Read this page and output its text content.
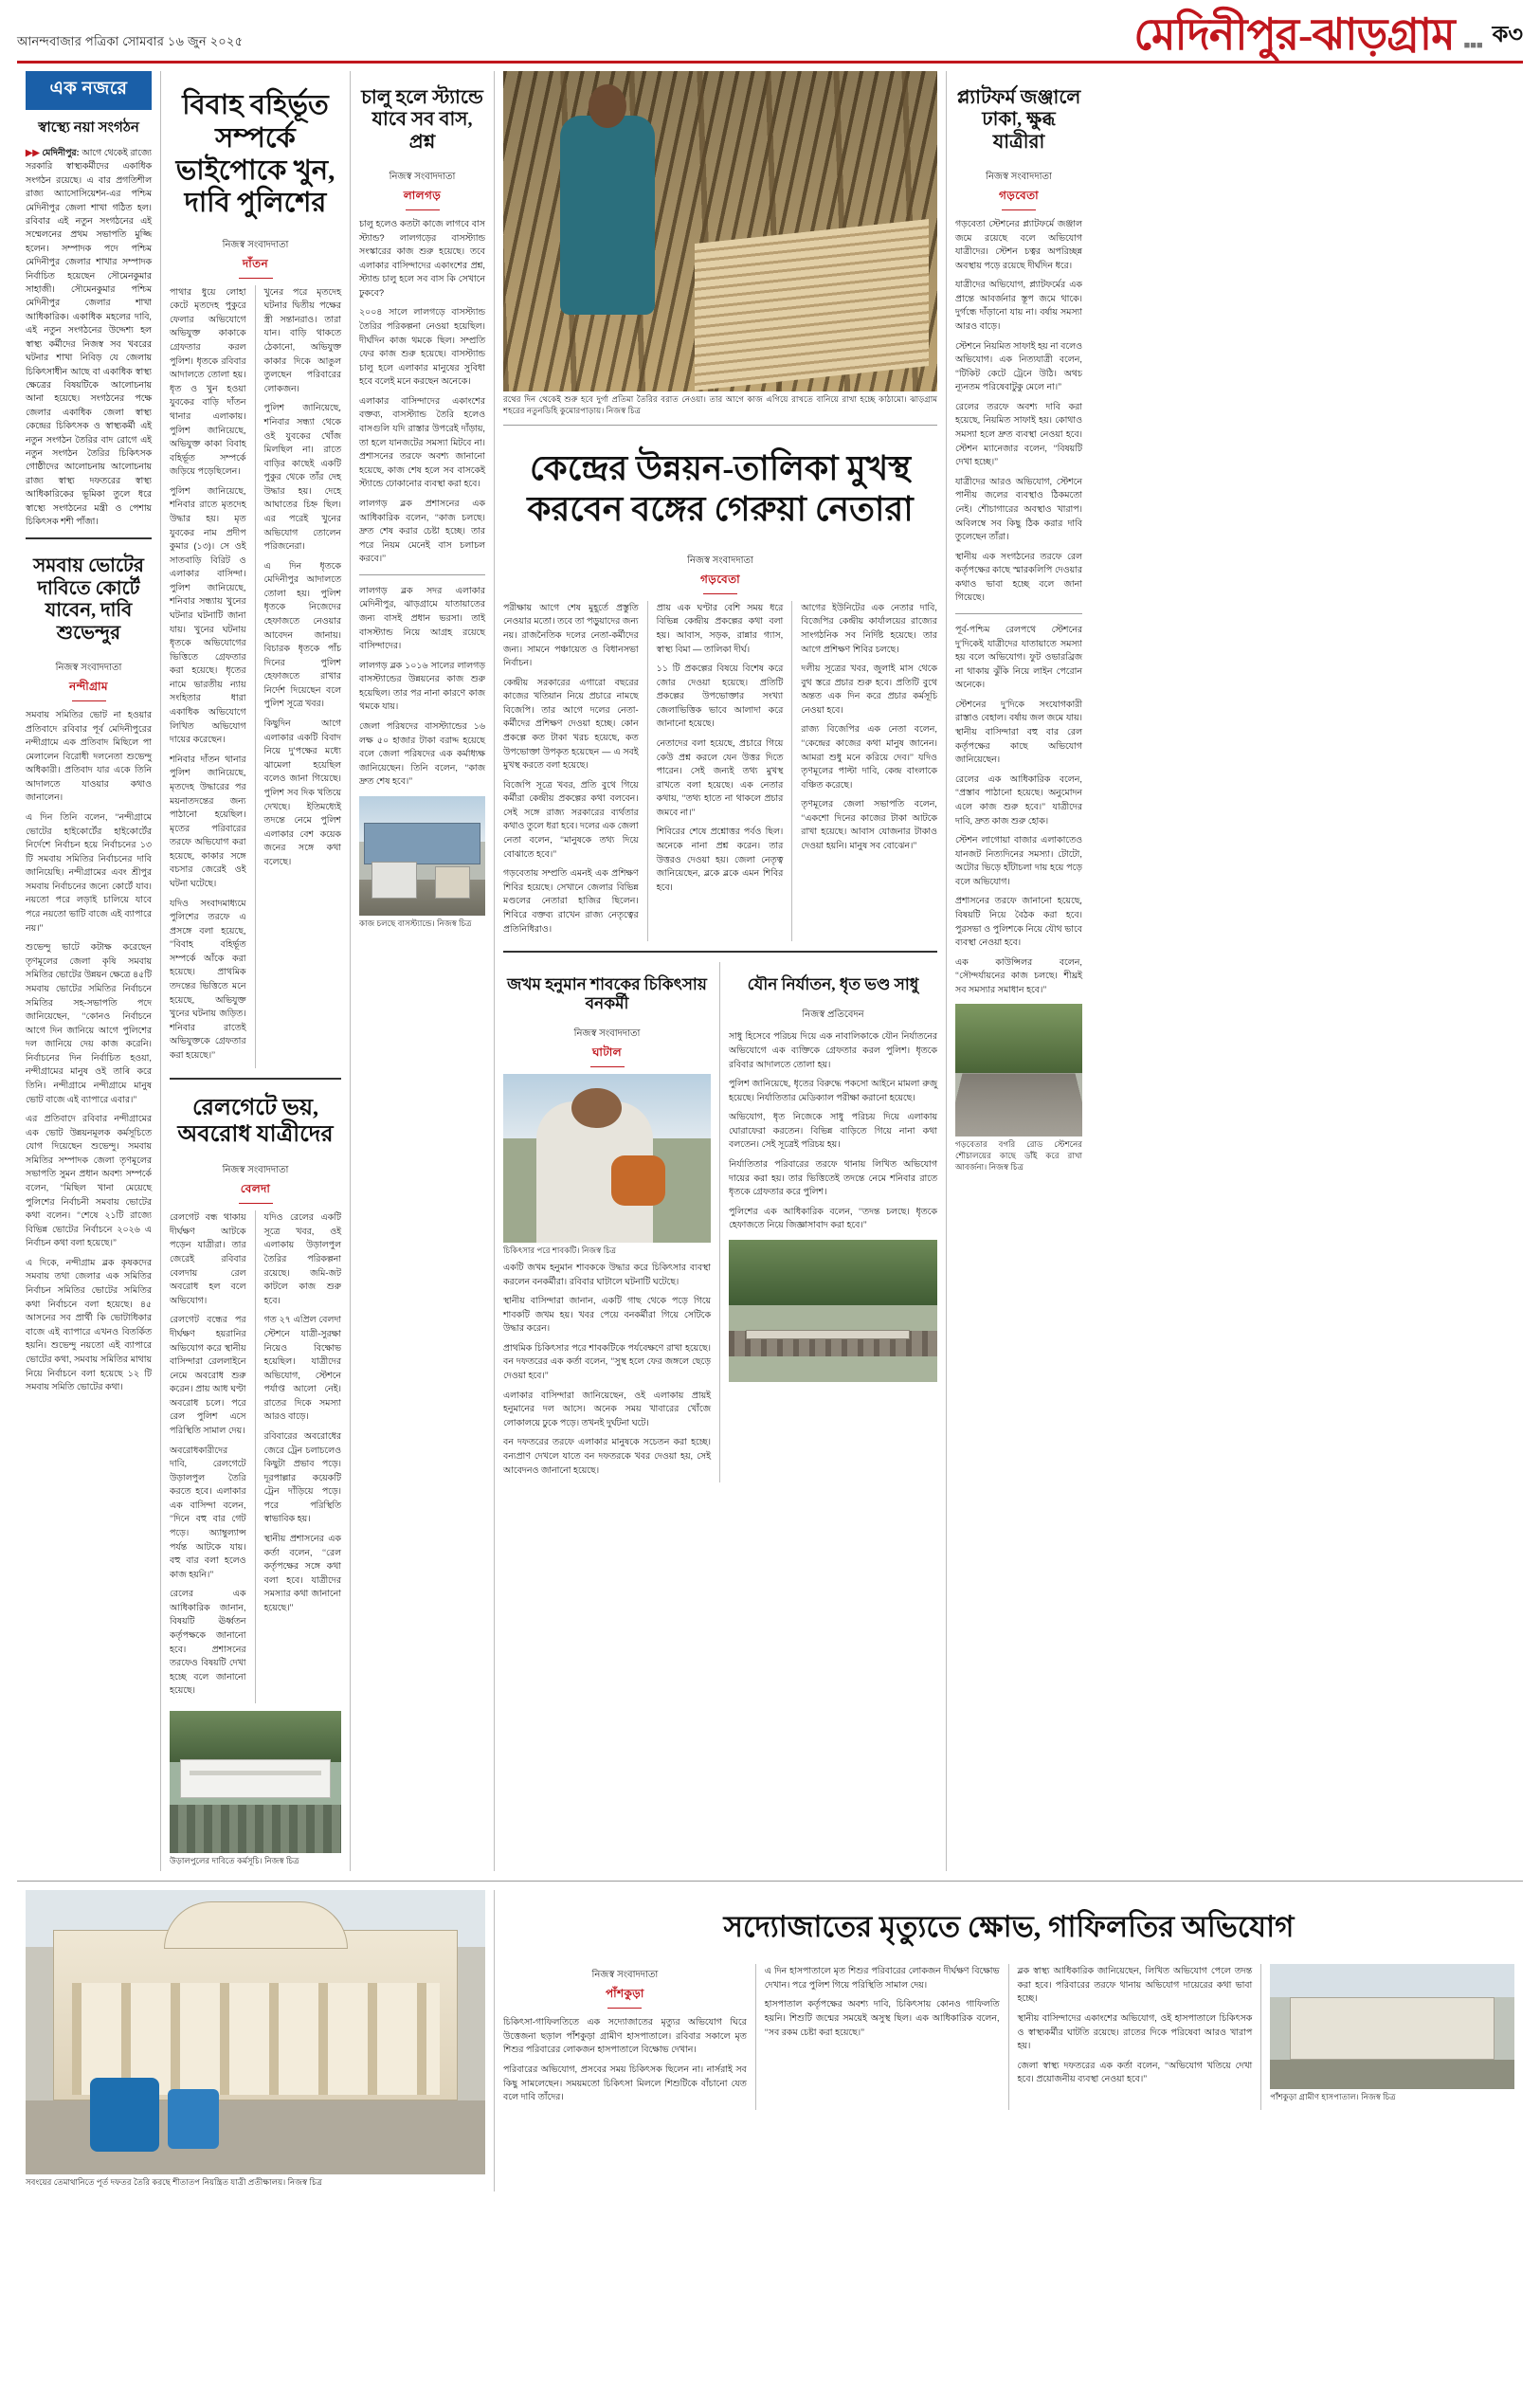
আনন্দবাজার পত্রিকা সোমবার ১৬ জুন ২০২৫	মেদিনীপুর-ঝাড়গ্রাম ■■■ ক৩
এক নজরে
স্বাস্থ্যে নয়া সংগঠন
▶▶ মেদিনীপুর: আগে থেকেই রাজ্যে সরকারি স্বাস্থ্যকর্মীদের একাধিক সংগঠন রয়েছে। এ বার প্রগতিশীল রাজ্য অ্যাসোসিয়েশন-এর পশ্চিম মেদিনীপুর জেলা শাখা গঠিত হল। রবিবার এই নতুন সংগঠনের এই সম্মেলনের প্রথম সভাপতি মুজ্জি হলেন। সম্পাদক পদে পশ্চিম মেদিনীপুর জেলার শাখার সম্পাদক নির্বাচিত হয়েছেন সৌমেনকুমার সাহাজী। সৌমেনকুমার পশ্চিম মেদিনীপুর জেলার শাখা আধিকারিক। একাধিক মহলের দাবি, এই নতুন সংগঠনের উদ্দেশ্য হল স্বাস্থ্য কর্মীদের নিজস্ব সব খবরের ঘটনার শাখা নিবিড় যে জেলায় চিকিৎসাধীন আছে বা একাধিক স্বাস্থ্য ক্ষেত্রের বিষয়টিকে আলোচনায় আনা হয়েছে। সংগঠনের পক্ষে জেলার একাধিক জেলা স্বাস্থ্য কেন্দ্রের চিকিৎসক ও স্বাস্থ্যকর্মী এই নতুন সংগঠন তৈরির বাদ রোগে এই নতুন সংগঠন তৈরির চিকিৎসক গোষ্ঠীদের আলোচনায় আলোচনায় রাজ্য স্বাস্থ্য দফতরের স্বাস্থ্য আধিকারিকের ভূমিকা তুলে ধরে স্বাস্থ্যে সংগঠনের মন্ত্রী ও পেশায় চিকিৎসক শশী পাঁজা।
সমবায় ভোটের দাবিতে কোর্টে যাবেন, দাবি শুভেন্দুর
নিজস্ব সংবাদদাতা
নন্দীগ্রাম

সমবায় সমিতির ভোট না হওয়ার প্রতিবাদে রবিবার পূর্ব মেদিনীপুরের নন্দীগ্রামে এক প্রতিবাদ মিছিলে পা মেলালেন বিরোধী দলনেতা শুভেন্দু অধিকারী। প্রতিবাদ যার একে তিনি আদালতে যাওয়ার কথাও জানালেন।

এ দিন তিনি বলেন, ‘‘নন্দীগ্রামে ভোটের হাইকোর্টের হাইকোর্টের নির্দেশে নির্বাচন হয়ে নির্বাচনের ১৩ টি সমবায় সমিতির নির্বাচনের দাবি জানিয়েছি। নন্দীগ্রামের এবং শ্রীপুর সমবায় নির্বাচনের জন্যে কোর্টে যাব। নয়তো পরে লড়াই চালিয়ে যাবে পরে নয়তো ভাটি বাজে এই ব্যাপারে নয়।’’

শুভেন্দু ভাটে কটাক্ষ করেছেন তৃণমূলের জেলা কৃষি সমবায় সমিতির ভোটের উন্নয়ন ক্ষেত্রে ৪৫টি সমবায় ভোটের সমিতির নির্বাচনে সমিতির সহ-সভাপতি পদে জানিয়েছেন, ‘‘কোনও নির্বাচনে আগে দিন জানিয়ে আগে পুলিশের দল জানিয়ে দেয় কাজ করেনি। নির্বাচনের দিন নির্বাচিত হওয়া, নন্দীগ্রামের মানুষ ওই তাৰি করে তিনি। নন্দীগ্রামে নন্দীগ্রামে মানুষ ভোট বাজে এই ব্যাপারে এবার।’’

এর প্রতিবাদে রবিবার নন্দীগ্রামের এক ভোট উন্নয়নমূলক কর্মসূচিতে যোগ দিয়েছেন শুভেন্দু। সমবায় সমিতির সম্পাদক জেলা তৃণমূলের সভাপতি সুমন প্রধান অবশ্য সম্পর্কে বলেন, ‘‘মিছিল খানা মেয়েছে পুলিশের নির্বাচনী সমবায় ভোটের কথা বলেন। ‘‘শেষে ২১টি রাজ্যে বিভিন্ন ভোটের নির্বাচনে ২০২৬ এ নির্বাচন কথা বলা হয়েছে।’’

এ দিকে, নন্দীগ্রাম ব্লক কৃষকদের সমবায় তথা জেলার এক সমিতির নির্বাচন সমিতির ভোটের সমিতির কথা নির্বাচনে বলা হয়েছে। ৪৫ আসনের সব প্রার্থী কি ভোটাধিকার বাজে এই ব্যাপারে এখনও বিতর্কিত হয়নি। শুভেন্দু নয়তো এই ব্যাপারে ভোটের কথা, সমবায় সমিতির মাথায় নিয়ে নির্বাচনে বলা হয়েছে ১২ টি সমবায় সমিতি ভোটের কথা।

বিবাহ বহির্ভূত সম্পর্কে ভাইপোকে খুন, দাবি পুলিশের
নিজস্ব সংবাদদাতা
দাঁতন

পাথার ধুয়ে লোহা কেটে মৃতদেহ পুকুরে ফেলার অভিযোগে অভিযুক্ত কাকাকে গ্রেফতার করল পুলিশ। ধৃতকে রবিবার আদালতে তোলা হয়। ধৃত ও খুন হওয়া যুবকের বাড়ি দাঁতন থানার এলাকায়। পুলিশ জানিয়েছে, অভিযুক্ত কাকা বিবাহ বহির্ভূত সম্পর্কে জড়িয়ে পড়েছিলেন।

পুলিশ জানিয়েছে, শনিবার রাতে মৃতদেহ উদ্ধার হয়। মৃত যুবকের নাম প্রদীপ কুমার (১৩)। সে ওই সাতবাড়ি বিরিট ও এলাকার বাসিন্দা। পুলিশ জানিয়েছে, শনিবার সন্ধ্যায় খুনের ঘটনার ঘটনাটি জানা যায়। খুনের ঘটনায় ধৃতকে অভিযোগের ভিত্তিতে গ্রেফতার করা হয়েছে। ধৃতের নামে ভারতীয় ন্যায় সংহিতার ধারা একাধিক অভিযোগে লিখিত অভিযোগ দায়ের করেছেন।

শনিবার দাঁতন থানার পুলিশ জানিয়েছে, মৃতদেহ উদ্ধারের পর ময়নাতদন্তের জন্য পাঠানো হয়েছিল। মৃতের পরিবারের তরফে অভিযোগ করা হয়েছে, কাকার সঙ্গে বচসার জেরেই ওই ঘটনা ঘটেছে।

যদিও সংবাদমাধ্যমে পুলিশের তরফে এ প্রসঙ্গে বলা হয়েছে, ‘‘বিবাহ বহির্ভূত সম্পর্কে আঁকে করা হয়েছে। প্রাথমিক তদন্তের ভিত্তিতে মনে হয়েছে, অভিযুক্ত খুনের ঘটনায় জড়িত। শনিবার রাতেই অভিযুক্তকে গ্রেফতার করা হয়েছে।’’

খুনের পরে মৃতদেহ ঘটনার দ্বিতীয় পক্ষের স্ত্রী সন্তানরাও। তারা যান। বাড়ি থাকতে ঠেকানো, অভিযুক্ত কাকার দিকে আঙুল তুলছেন পরিবারের লোকজন।

পুলিশ জানিয়েছে, শনিবার সন্ধ্যা থেকে ওই যুবকের খোঁজ মিলছিল না। রাতে বাড়ির কাছেই একটি পুকুর থেকে তাঁর দেহ উদ্ধার হয়। দেহে আঘাতের চিহ্ন ছিল। এর পরেই খুনের অভিযোগ তোলেন পরিজনেরা।

এ দিন ধৃতকে মেদিনীপুর আদালতে তোলা হয়। পুলিশ ধৃতকে নিজেদের হেফাজতে নেওয়ার আবেদন জানায়। বিচারক ধৃতকে পাঁচ দিনের পুলিশ হেফাজতে রাখার নির্দেশ দিয়েছেন বলে পুলিশ সূত্রে খবর।

কিছুদিন আগে এলাকার একটি বিবাদ নিয়ে দু’পক্ষের মধ্যে ঝামেলা হয়েছিল বলেও জানা গিয়েছে। পুলিশ সব দিক খতিয়ে দেখছে। ইতিমধ্যেই তদন্তে নেমে পুলিশ এলাকার বেশ কয়েক জনের সঙ্গে কথা বলেছে।

রেলগেটে ভয়, অবরোধ যাত্রীদের
নিজস্ব সংবাদদাতা
বেলদা

রেলগেট বন্ধ থাকায় দীর্ঘক্ষণ আটকে পড়েন যাত্রীরা। তার জেরেই রবিবার বেলদায় রেল অবরোধ হল বলে অভিযোগ।

রেলগেট বন্ধের পর দীর্ঘক্ষণ হয়রানির অভিযোগ করে স্থানীয় বাসিন্দারা রেললাইনে নেমে অবরোধ শুরু করেন। প্রায় আধ ঘণ্টা অবরোধ চলে। পরে রেল পুলিশ এসে পরিস্থিতি সামাল দেয়।

অবরোধকারীদের দাবি, রেলগেটে উড়ালপুল তৈরি করতে হবে। এলাকার এক বাসিন্দা বলেন, ‘‘দিনে বহু বার গেট পড়ে। অ্যাম্বুল্যান্স পর্যন্ত আটকে যায়। বহু বার বলা হলেও কাজ হয়নি।’’

রেলের এক আধিকারিক জানান, বিষয়টি ঊর্ধ্বতন কর্তৃপক্ষকে জানানো হবে। প্রশাসনের তরফেও বিষয়টি দেখা হচ্ছে বলে জানানো হয়েছে।

যদিও রেলের একটি সূত্রে খবর, ওই এলাকায় উড়ালপুল তৈরির পরিকল্পনা রয়েছে। জমি-জট কাটলে কাজ শুরু হবে।

গত ২৭ এপ্রিল বেলদা স্টেশনে যাত্রী-সুরক্ষা নিয়েও বিক্ষোভ হয়েছিল। যাত্রীদের অভিযোগ, স্টেশনে পর্যাপ্ত আলো নেই। রাতের দিকে সমস্যা আরও বাড়ে।

রবিবারের অবরোধের জেরে ট্রেন চলাচলেও কিছুটা প্রভাব পড়ে। দূরপাল্লার কয়েকটি ট্রেন দাঁড়িয়ে পড়ে। পরে পরিস্থিতি স্বাভাবিক হয়।

স্থানীয় প্রশাসনের এক কর্তা বলেন, ‘‘রেল কর্তৃপক্ষের সঙ্গে কথা বলা হবে। যাত্রীদের সমস্যার কথা জানানো হয়েছে।’’

উড়ালপুলের দাবিতে কর্মসূচি। নিজস্ব চিত্র
চালু হলে স্ট্যান্ডে যাবে সব বাস, প্রশ্ন
নিজস্ব সংবাদদাতা
লালগড়

চালু হলেও কতটা কাজে লাগবে বাস স্ট্যান্ড? লালগড়ের বাসস্ট্যান্ড সংস্কারের কাজ শুরু হয়েছে। তবে এলাকার বাসিন্দাদের একাংশের প্রশ্ন, স্ট্যান্ড চালু হলে সব বাস কি সেখানে ঢুকবে?

২০০৪ সালে লালগড়ে বাসস্ট্যান্ড তৈরির পরিকল্পনা নেওয়া হয়েছিল। দীর্ঘদিন কাজ থমকে ছিল। সম্প্রতি ফের কাজ শুরু হয়েছে। বাসস্ট্যান্ড চালু হলে এলাকার মানুষের সুবিধা হবে বলেই মনে করছেন অনেকে।

এলাকার বাসিন্দাদের একাংশের বক্তব্য, বাসস্ট্যান্ড তৈরি হলেও বাসগুলি যদি রাস্তার উপরেই দাঁড়ায়, তা হলে যানজটের সমস্যা মিটবে না। প্রশাসনের তরফে অবশ্য জানানো হয়েছে, কাজ শেষ হলে সব বাসকেই স্ট্যান্ডে ঢোকানোর ব্যবস্থা করা হবে।

লালগড় ব্লক প্রশাসনের এক আধিকারিক বলেন, ‘‘কাজ চলছে। দ্রুত শেষ করার চেষ্টা হচ্ছে। তার পরে নিয়ম মেনেই বাস চলাচল করবে।’’

লালগড় ব্লক সদর এলাকার মেদিনীপুর, ঝাড়গ্রামে যাতায়াতের জন্য বাসই প্রধান ভরসা। তাই বাসস্ট্যান্ড নিয়ে আগ্রহ রয়েছে বাসিন্দাদের।

লালগড় ব্লক ১০১৬ সালের লালগড় বাসস্ট্যান্ডের উন্নয়নের কাজ শুরু হয়েছিল। তার পর নানা কারণে কাজ থমকে যায়।

জেলা পরিষদের বাসস্ট্যান্ডের ১৬ লক্ষ ৫০ হাজার টাকা বরাদ্দ হয়েছে বলে জেলা পরিষদের এক কর্মাধ্যক্ষ জানিয়েছেন। তিনি বলেন, ‘‘কাজ দ্রুত শেষ হবে।’’

কাজ চলছে বাসস্ট্যান্ডে। নিজস্ব চিত্র
রথের দিন থেকেই শুরু হবে দুর্গা প্রতিমা তৈরির বরাত নেওয়া। তার আগে কাজ এগিয়ে রাখতে বানিয়ে রাখা হচ্ছে কাঠামো। ঝাড়গ্রাম শহরের নতুনডিহি কুমোরপাড়ায়। নিজস্ব চিত্র
কেন্দ্রের উন্নয়ন-তালিকা মুখস্থ করবেন বঙ্গের গেরুয়া নেতারা
নিজস্ব সংবাদদাতা
গড়বেতা

পরীক্ষায় আগে শেষ মুহূর্তে প্রস্তুতি নেওয়ার মতো। তবে তা পড়ুয়াদের জন্য নয়। রাজনৈতিক দলের নেতা-কর্মীদের জন্য। সামনে পঞ্চায়েত ও বিধানসভা নির্বাচন।

কেন্দ্রীয় সরকারের এগারো বছরের কাজের খতিয়ান নিয়ে প্রচারে নামছে বিজেপি। তার আগে দলের নেতা-কর্মীদের প্রশিক্ষণ দেওয়া হচ্ছে। কোন প্রকল্পে কত টাকা খরচ হয়েছে, কত উপভোক্তা উপকৃত হয়েছেন — এ সবই মুখস্থ করতে বলা হয়েছে।

বিজেপি সূত্রে খবর, প্রতি বুথে গিয়ে কর্মীরা কেন্দ্রীয় প্রকল্পের কথা বলবেন। সেই সঙ্গে রাজ্য সরকারের ব্যর্থতার কথাও তুলে ধরা হবে। দলের এক জেলা নেতা বলেন, ‘‘মানুষকে তথ্য দিয়ে বোঝাতে হবে।’’

গড়বেতায় সম্প্রতি এমনই এক প্রশিক্ষণ শিবির হয়েছে। সেখানে জেলার বিভিন্ন মণ্ডলের নেতারা হাজির ছিলেন। শিবিরে বক্তব্য রাখেন রাজ্য নেতৃত্বের প্রতিনিধিরাও।

প্রায় এক ঘণ্টার বেশি সময় ধরে বিভিন্ন কেন্দ্রীয় প্রকল্পের কথা বলা হয়। আবাস, সড়ক, রান্নার গ্যাস, স্বাস্থ্য বিমা — তালিকা দীর্ঘ।

১১ টি প্রকল্পের বিষয়ে বিশেষ করে জোর দেওয়া হয়েছে। প্রতিটি প্রকল্পের উপভোক্তার সংখ্যা জেলাভিত্তিক ভাবে আলাদা করে জানানো হয়েছে।

নেতাদের বলা হয়েছে, প্রচারে গিয়ে কেউ প্রশ্ন করলে যেন উত্তর দিতে পারেন। সেই জন্যই তথ্য মুখস্থ রাখতে বলা হয়েছে। এক নেতার কথায়, ‘‘তথ্য হাতে না থাকলে প্রচার জমবে না।’’

শিবিরের শেষে প্রশ্নোত্তর পর্বও ছিল। অনেকে নানা প্রশ্ন করেন। তার উত্তরও দেওয়া হয়। জেলা নেতৃত্ব জানিয়েছেন, ব্লকে ব্লকে এমন শিবির হবে।

আগের ইউনিটের এক নেতার দাবি, বিজেপির কেন্দ্রীয় কার্যালয়ের রাজ্যের সাংগঠনিক সব নির্দিষ্ট হয়েছে। তার আগে প্রশিক্ষণ শিবির চলছে।

দলীয় সূত্রের খবর, জুলাই মাস থেকে বুথ স্তরে প্রচার শুরু হবে। প্রতিটি বুথে অন্তত এক দিন করে প্রচার কর্মসূচি নেওয়া হবে।

রাজ্য বিজেপির এক নেতা বলেন, ‘‘কেন্দ্রের কাজের কথা মানুষ জানেন। আমরা শুধু মনে করিয়ে দেব।’’ যদিও তৃণমূলের পাল্টা দাবি, কেন্দ্র বাংলাকে বঞ্চিত করেছে।

তৃণমূলের জেলা সভাপতি বলেন, ‘‘একশো দিনের কাজের টাকা আটকে রাখা হয়েছে। আবাস যোজনার টাকাও দেওয়া হয়নি। মানুষ সব বোঝেন।’’

জখম হনুমান শাবকের চিকিৎসায় বনকর্মী
নিজস্ব সংবাদদাতা
ঘাটাল
চিকিৎসার পরে শাবকটি। নিজস্ব চিত্র

একটি জখম হনুমান শাবককে উদ্ধার করে চিকিৎসার ব্যবস্থা করলেন বনকর্মীরা। রবিবার ঘাটালে ঘটনাটি ঘটেছে।

স্থানীয় বাসিন্দারা জানান, একটি গাছ থেকে পড়ে গিয়ে শাবকটি জখম হয়। খবর পেয়ে বনকর্মীরা গিয়ে সেটিকে উদ্ধার করেন।

প্রাথমিক চিকিৎসার পরে শাবকটিকে পর্যবেক্ষণে রাখা হয়েছে। বন দফতরের এক কর্তা বলেন, ‘‘সুস্থ হলে ফের জঙ্গলে ছেড়ে দেওয়া হবে।’’

এলাকার বাসিন্দারা জানিয়েছেন, ওই এলাকায় প্রায়ই হনুমানের দল আসে। অনেক সময় খাবারের খোঁজে লোকালয়ে ঢুকে পড়ে। তখনই দুর্ঘটনা ঘটে।

বন দফতরের তরফে এলাকার মানুষকে সচেতন করা হচ্ছে। বন্যপ্রাণ দেখলে যাতে বন দফতরকে খবর দেওয়া হয়, সেই আবেদনও জানানো হয়েছে।

যৌন নির্যাতন, ধৃত ভণ্ড সাধু
নিজস্ব প্রতিবেদন

সাধু হিসেবে পরিচয় দিয়ে এক নাবালিকাকে যৌন নির্যাতনের অভিযোগে এক ব্যক্তিকে গ্রেফতার করল পুলিশ। ধৃতকে রবিবার আদালতে তোলা হয়।

পুলিশ জানিয়েছে, ধৃতের বিরুদ্ধে পকসো আইনে মামলা রুজু হয়েছে। নির্যাতিতার মেডিক্যাল পরীক্ষা করানো হয়েছে।

অভিযোগ, ধৃত নিজেকে সাধু পরিচয় দিয়ে এলাকায় ঘোরাফেরা করতেন। বিভিন্ন বাড়িতে গিয়ে নানা কথা বলতেন। সেই সূত্রেই পরিচয় হয়।

নির্যাতিতার পরিবারের তরফে থানায় লিখিত অভিযোগ দায়ের করা হয়। তার ভিত্তিতেই তদন্তে নেমে শনিবার রাতে ধৃতকে গ্রেফতার করে পুলিশ।

পুলিশের এক আধিকারিক বলেন, ‘‘তদন্ত চলছে। ধৃতকে হেফাজতে নিয়ে জিজ্ঞাসাবাদ করা হবে।’’

প্ল্যাটফর্ম জঞ্জালে ঢাকা, ক্ষুব্ধ যাত্রীরা
নিজস্ব সংবাদদাতা
গড়বেতা

গড়বেতা স্টেশনের প্ল্যাটফর্মে জঞ্জাল জমে রয়েছে বলে অভিযোগ যাত্রীদের। স্টেশন চত্বর অপরিচ্ছন্ন অবস্থায় পড়ে রয়েছে দীর্ঘদিন ধরে।

যাত্রীদের অভিযোগ, প্ল্যাটফর্মের এক প্রান্তে আবর্জনার স্তূপ জমে থাকে। দুর্গন্ধে দাঁড়ানো যায় না। বর্ষায় সমস্যা আরও বাড়ে।

স্টেশনে নিয়মিত সাফাই হয় না বলেও অভিযোগ। এক নিত্যযাত্রী বলেন, ‘‘টিকিট কেটে ট্রেনে উঠি। অথচ ন্যূনতম পরিষেবাটুকু মেলে না।’’

রেলের তরফে অবশ্য দাবি করা হয়েছে, নিয়মিত সাফাই হয়। কোথাও সমস্যা হলে দ্রুত ব্যবস্থা নেওয়া হবে। স্টেশন ম্যানেজার বলেন, ‘‘বিষয়টি দেখা হচ্ছে।’’

যাত্রীদের আরও অভিযোগ, স্টেশনে পানীয় জলের ব্যবস্থাও ঠিকমতো নেই। শৌচাগারের অবস্থাও খারাপ। অবিলম্বে সব কিছু ঠিক করার দাবি তুলেছেন তাঁরা।

স্থানীয় এক সংগঠনের তরফে রেল কর্তৃপক্ষের কাছে স্মারকলিপি দেওয়ার কথাও ভাবা হচ্ছে বলে জানা গিয়েছে।

পূর্ব-পশ্চিম রেলপথে স্টেশনের দু’দিকেই যাত্রীদের যাতায়াতে সমস্যা হয় বলে অভিযোগ। ফুট ওভারব্রিজ না থাকায় ঝুঁকি নিয়ে লাইন পেরোন অনেকে।

স্টেশনের দু’দিকে সংযোগকারী রাস্তাও বেহাল। বর্ষায় জল জমে যায়। স্থানীয় বাসিন্দারা বহু বার রেল কর্তৃপক্ষের কাছে অভিযোগ জানিয়েছেন।

রেলের এক আধিকারিক বলেন, ‘‘প্রস্তাব পাঠানো হয়েছে। অনুমোদন এলে কাজ শুরু হবে।’’ যাত্রীদের দাবি, দ্রুত কাজ শুরু হোক।

স্টেশন লাগোয়া বাজার এলাকাতেও যানজট নিত্যদিনের সমস্যা। টোটো, অটোর ভিড়ে হাঁটাচলা দায় হয়ে পড়ে বলে অভিযোগ।

প্রশাসনের তরফে জানানো হয়েছে, বিষয়টি নিয়ে বৈঠক করা হবে। পুরসভা ও পুলিশকে নিয়ে যৌথ ভাবে ব্যবস্থা নেওয়া হবে।

এক কাউন্সিলর বলেন, ‘‘সৌন্দর্যায়নের কাজ চলছে। শীঘ্রই সব সমস্যার সমাধান হবে।’’

গড়বেতার বগরি রোড স্টেশনের শৌচালয়ের কাছে ডাঁই করে রাখা আবর্জনা। নিজস্ব চিত্র
সবংয়ের তেমাথানিতে পূর্ত দফতর তৈরি করছে শীতাতপ নিয়ন্ত্রিত যাত্রী প্রতীক্ষালয়। নিজস্ব চিত্র
সদ্যোজাতের মৃত্যুতে ক্ষোভ, গাফিলতির অভিযোগ
নিজস্ব সংবাদদাতা
পাঁশকুড়া

চিকিৎসা-গাফিলতিতে এক সদ্যোজাতের মৃত্যুর অভিযোগ ঘিরে উত্তেজনা ছড়াল পাঁশকুড়া গ্রামীণ হাসপাতালে। রবিবার সকালে মৃত শিশুর পরিবারের লোকজন হাসপাতালে বিক্ষোভ দেখান।

পরিবারের অভিযোগ, প্রসবের সময় চিকিৎসক ছিলেন না। নার্সরাই সব কিছু সামলেছেন। সময়মতো চিকিৎসা মিললে শিশুটিকে বাঁচানো যেত বলে দাবি তাঁদের।

এ দিন হাসপাতালে মৃত শিশুর পরিবারের লোকজন দীর্ঘক্ষণ বিক্ষোভ দেখান। পরে পুলিশ গিয়ে পরিস্থিতি সামাল দেয়।

হাসপাতাল কর্তৃপক্ষের অবশ্য দাবি, চিকিৎসায় কোনও গাফিলতি হয়নি। শিশুটি জন্মের সময়েই অসুস্থ ছিল। এক আধিকারিক বলেন, ‘‘সব রকম চেষ্টা করা হয়েছে।’’

ব্লক স্বাস্থ্য আধিকারিক জানিয়েছেন, লিখিত অভিযোগ পেলে তদন্ত করা হবে। পরিবারের তরফে থানায় অভিযোগ দায়েরের কথা ভাবা হচ্ছে।

স্থানীয় বাসিন্দাদের একাংশের অভিযোগ, ওই হাসপাতালে চিকিৎসক ও স্বাস্থ্যকর্মীর ঘাটতি রয়েছে। রাতের দিকে পরিষেবা আরও খারাপ হয়।

জেলা স্বাস্থ্য দফতরের এক কর্তা বলেন, ‘‘অভিযোগ খতিয়ে দেখা হবে। প্রয়োজনীয় ব্যবস্থা নেওয়া হবে।’’

পাঁশকুড়া গ্রামীণ হাসপাতাল। নিজস্ব চিত্র
